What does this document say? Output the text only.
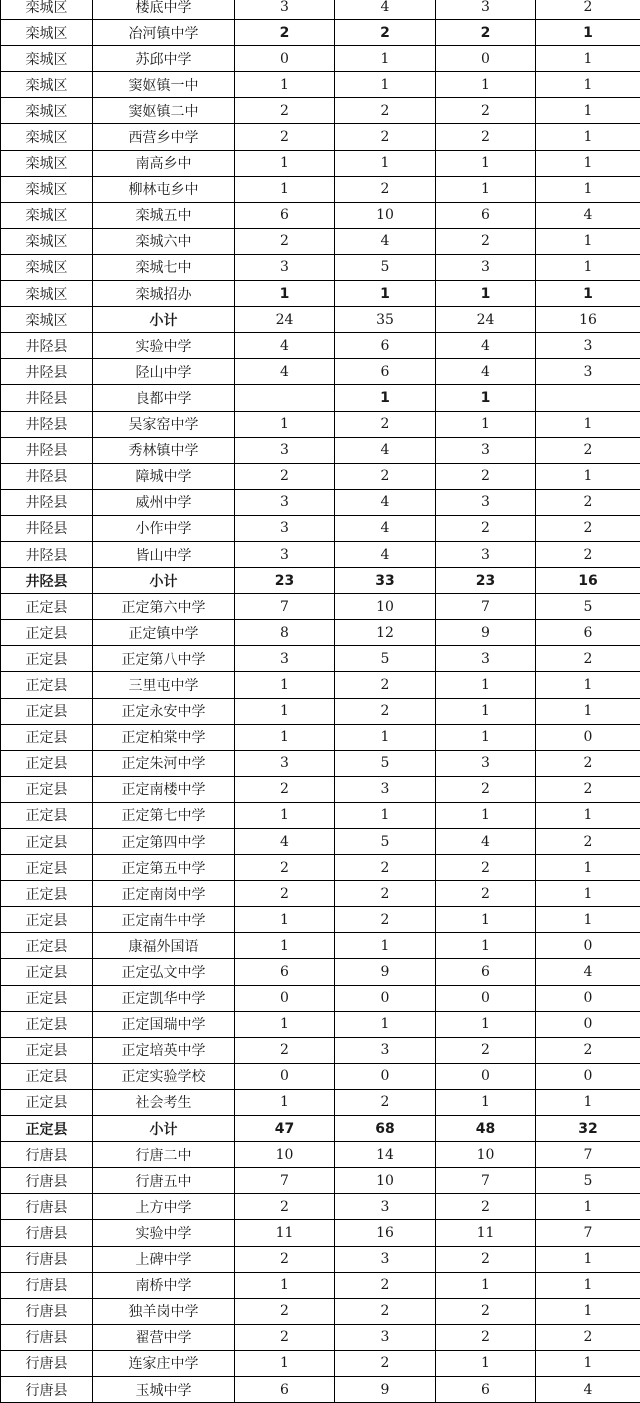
栾城区	楼底中学	3	4	3	2
栾城区	冶河镇中学	2	2	2	1
栾城区	苏邱中学	0	1	0	1
栾城区	窦妪镇一中	1	1	1	1
栾城区	窦妪镇二中	2	2	2	1
栾城区	西营乡中学	2	2	2	1
栾城区	南高乡中	1	1	1	1
栾城区	柳林屯乡中	1	2	1	1
栾城区	栾城五中	6	10	6	4
栾城区	栾城六中	2	4	2	1
栾城区	栾城七中	3	5	3	1
栾城区	栾城招办	1	1	1	1
栾城区	小计	24	35	24	16
井陉县	实验中学	4	6	4	3
井陉县	陉山中学	4	6	4	3
井陉县	良都中学		1	1	
井陉县	吴家窑中学	1	2	1	1
井陉县	秀林镇中学	3	4	3	2
井陉县	障城中学	2	2	2	1
井陉县	威州中学	3	4	3	2
井陉县	小作中学	3	4	2	2
井陉县	皆山中学	3	4	3	2
井陉县	小计	23	33	23	16
正定县	正定第六中学	7	10	7	5
正定县	正定镇中学	8	12	9	6
正定县	正定第八中学	3	5	3	2
正定县	三里屯中学	1	2	1	1
正定县	正定永安中学	1	2	1	1
正定县	正定柏棠中学	1	1	1	0
正定县	正定朱河中学	3	5	3	2
正定县	正定南楼中学	2	3	2	2
正定县	正定第七中学	1	1	1	1
正定县	正定第四中学	4	5	4	2
正定县	正定第五中学	2	2	2	1
正定县	正定南岗中学	2	2	2	1
正定县	正定南牛中学	1	2	1	1
正定县	康福外国语	1	1	1	0
正定县	正定弘文中学	6	9	6	4
正定县	正定凯华中学	0	0	0	0
正定县	正定国瑞中学	1	1	1	0
正定县	正定培英中学	2	3	2	2
正定县	正定实验学校	0	0	0	0
正定县	社会考生	1	2	1	1
正定县	小计	47	68	48	32
行唐县	行唐二中	10	14	10	7
行唐县	行唐五中	7	10	7	5
行唐县	上方中学	2	3	2	1
行唐县	实验中学	11	16	11	7
行唐县	上碑中学	2	3	2	1
行唐县	南桥中学	1	2	1	1
行唐县	独羊岗中学	2	2	2	1
行唐县	翟营中学	2	3	2	2
行唐县	连家庄中学	1	2	1	1
行唐县	玉城中学	6	9	6	4
